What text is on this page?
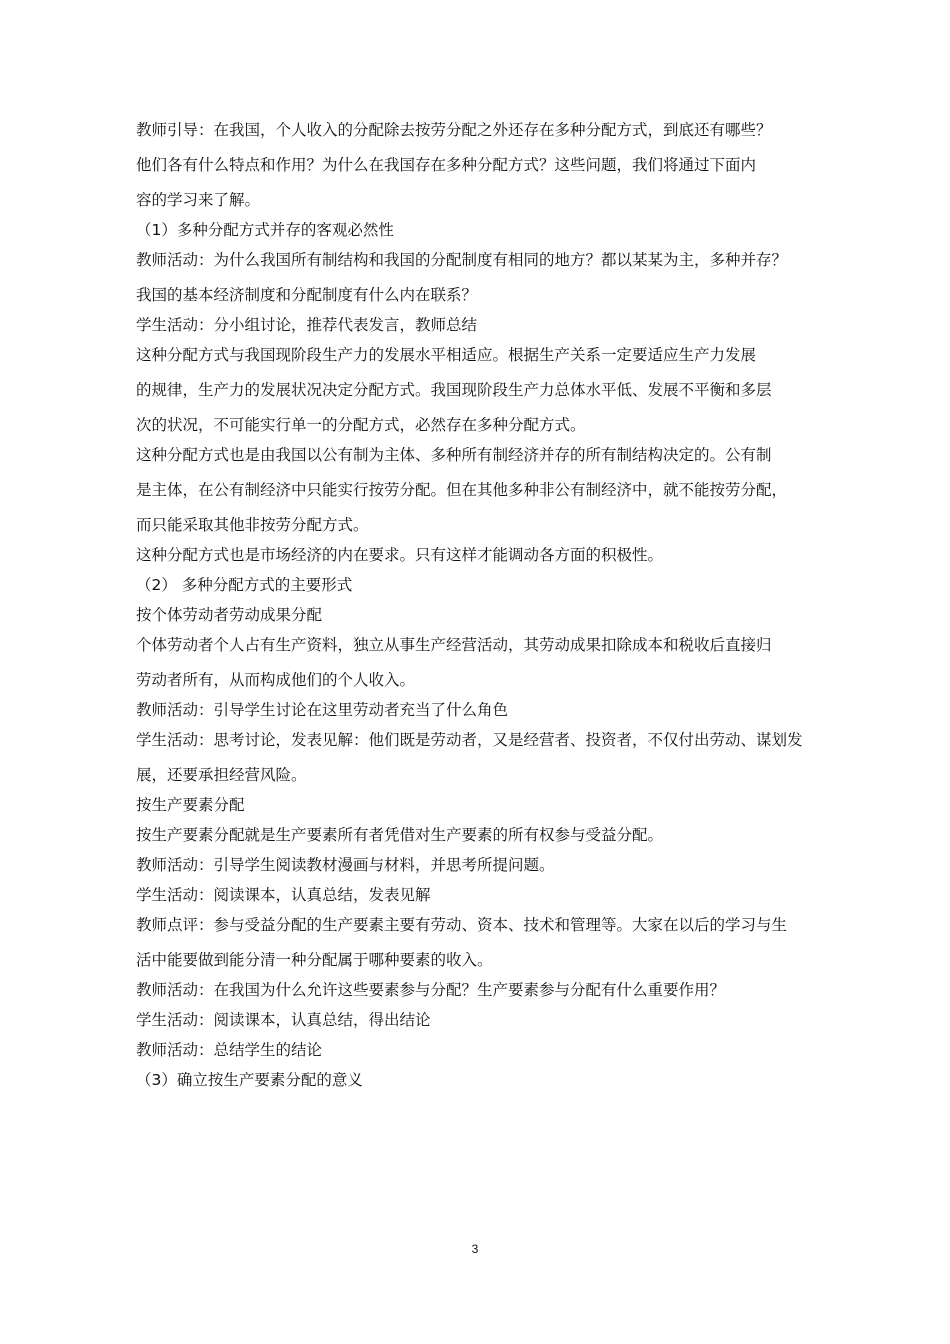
教师引导：在我国，个人收入的分配除去按劳分配之外还存在多种分配方式，到底还有哪些？
他们各有什么特点和作用？为什么在我国存在多种分配方式？这些问题，我们将通过下面内
容的学习来了解。
（1）多种分配方式并存的客观必然性
教师活动：为什么我国所有制结构和我国的分配制度有相同的地方？都以某某为主，多种并存？
我国的基本经济制度和分配制度有什么内在联系？
学生活动：分小组讨论，推荐代表发言，教师总结
这种分配方式与我国现阶段生产力的发展水平相适应。根据生产关系一定要适应生产力发展
的规律，生产力的发展状况决定分配方式。我国现阶段生产力总体水平低、发展不平衡和多层
次的状况，不可能实行单一的分配方式，必然存在多种分配方式。
这种分配方式也是由我国以公有制为主体、多种所有制经济并存的所有制结构决定的。公有制
是主体，在公有制经济中只能实行按劳分配。但在其他多种非公有制经济中，就不能按劳分配，
而只能采取其他非按劳分配方式。
这种分配方式也是市场经济的内在要求。只有这样才能调动各方面的积极性。
（2） 多种分配方式的主要形式
按个体劳动者劳动成果分配
个体劳动者个人占有生产资料，独立从事生产经营活动，其劳动成果扣除成本和税收后直接归
劳动者所有，从而构成他们的个人收入。
教师活动：引导学生讨论在这里劳动者充当了什么角色
学生活动：思考讨论，发表见解：他们既是劳动者，又是经营者、投资者，不仅付出劳动、谋划发
展，还要承担经营风险。
按生产要素分配
按生产要素分配就是生产要素所有者凭借对生产要素的所有权参与受益分配。
教师活动：引导学生阅读教材漫画与材料，并思考所提问题。
学生活动：阅读课本，认真总结，发表见解
教师点评：参与受益分配的生产要素主要有劳动、资本、技术和管理等。大家在以后的学习与生
活中能要做到能分清一种分配属于哪种要素的收入。
教师活动：在我国为什么允许这些要素参与分配？生产要素参与分配有什么重要作用？
学生活动：阅读课本，认真总结，得出结论
教师活动：总结学生的结论
（3）确立按生产要素分配的意义
3
